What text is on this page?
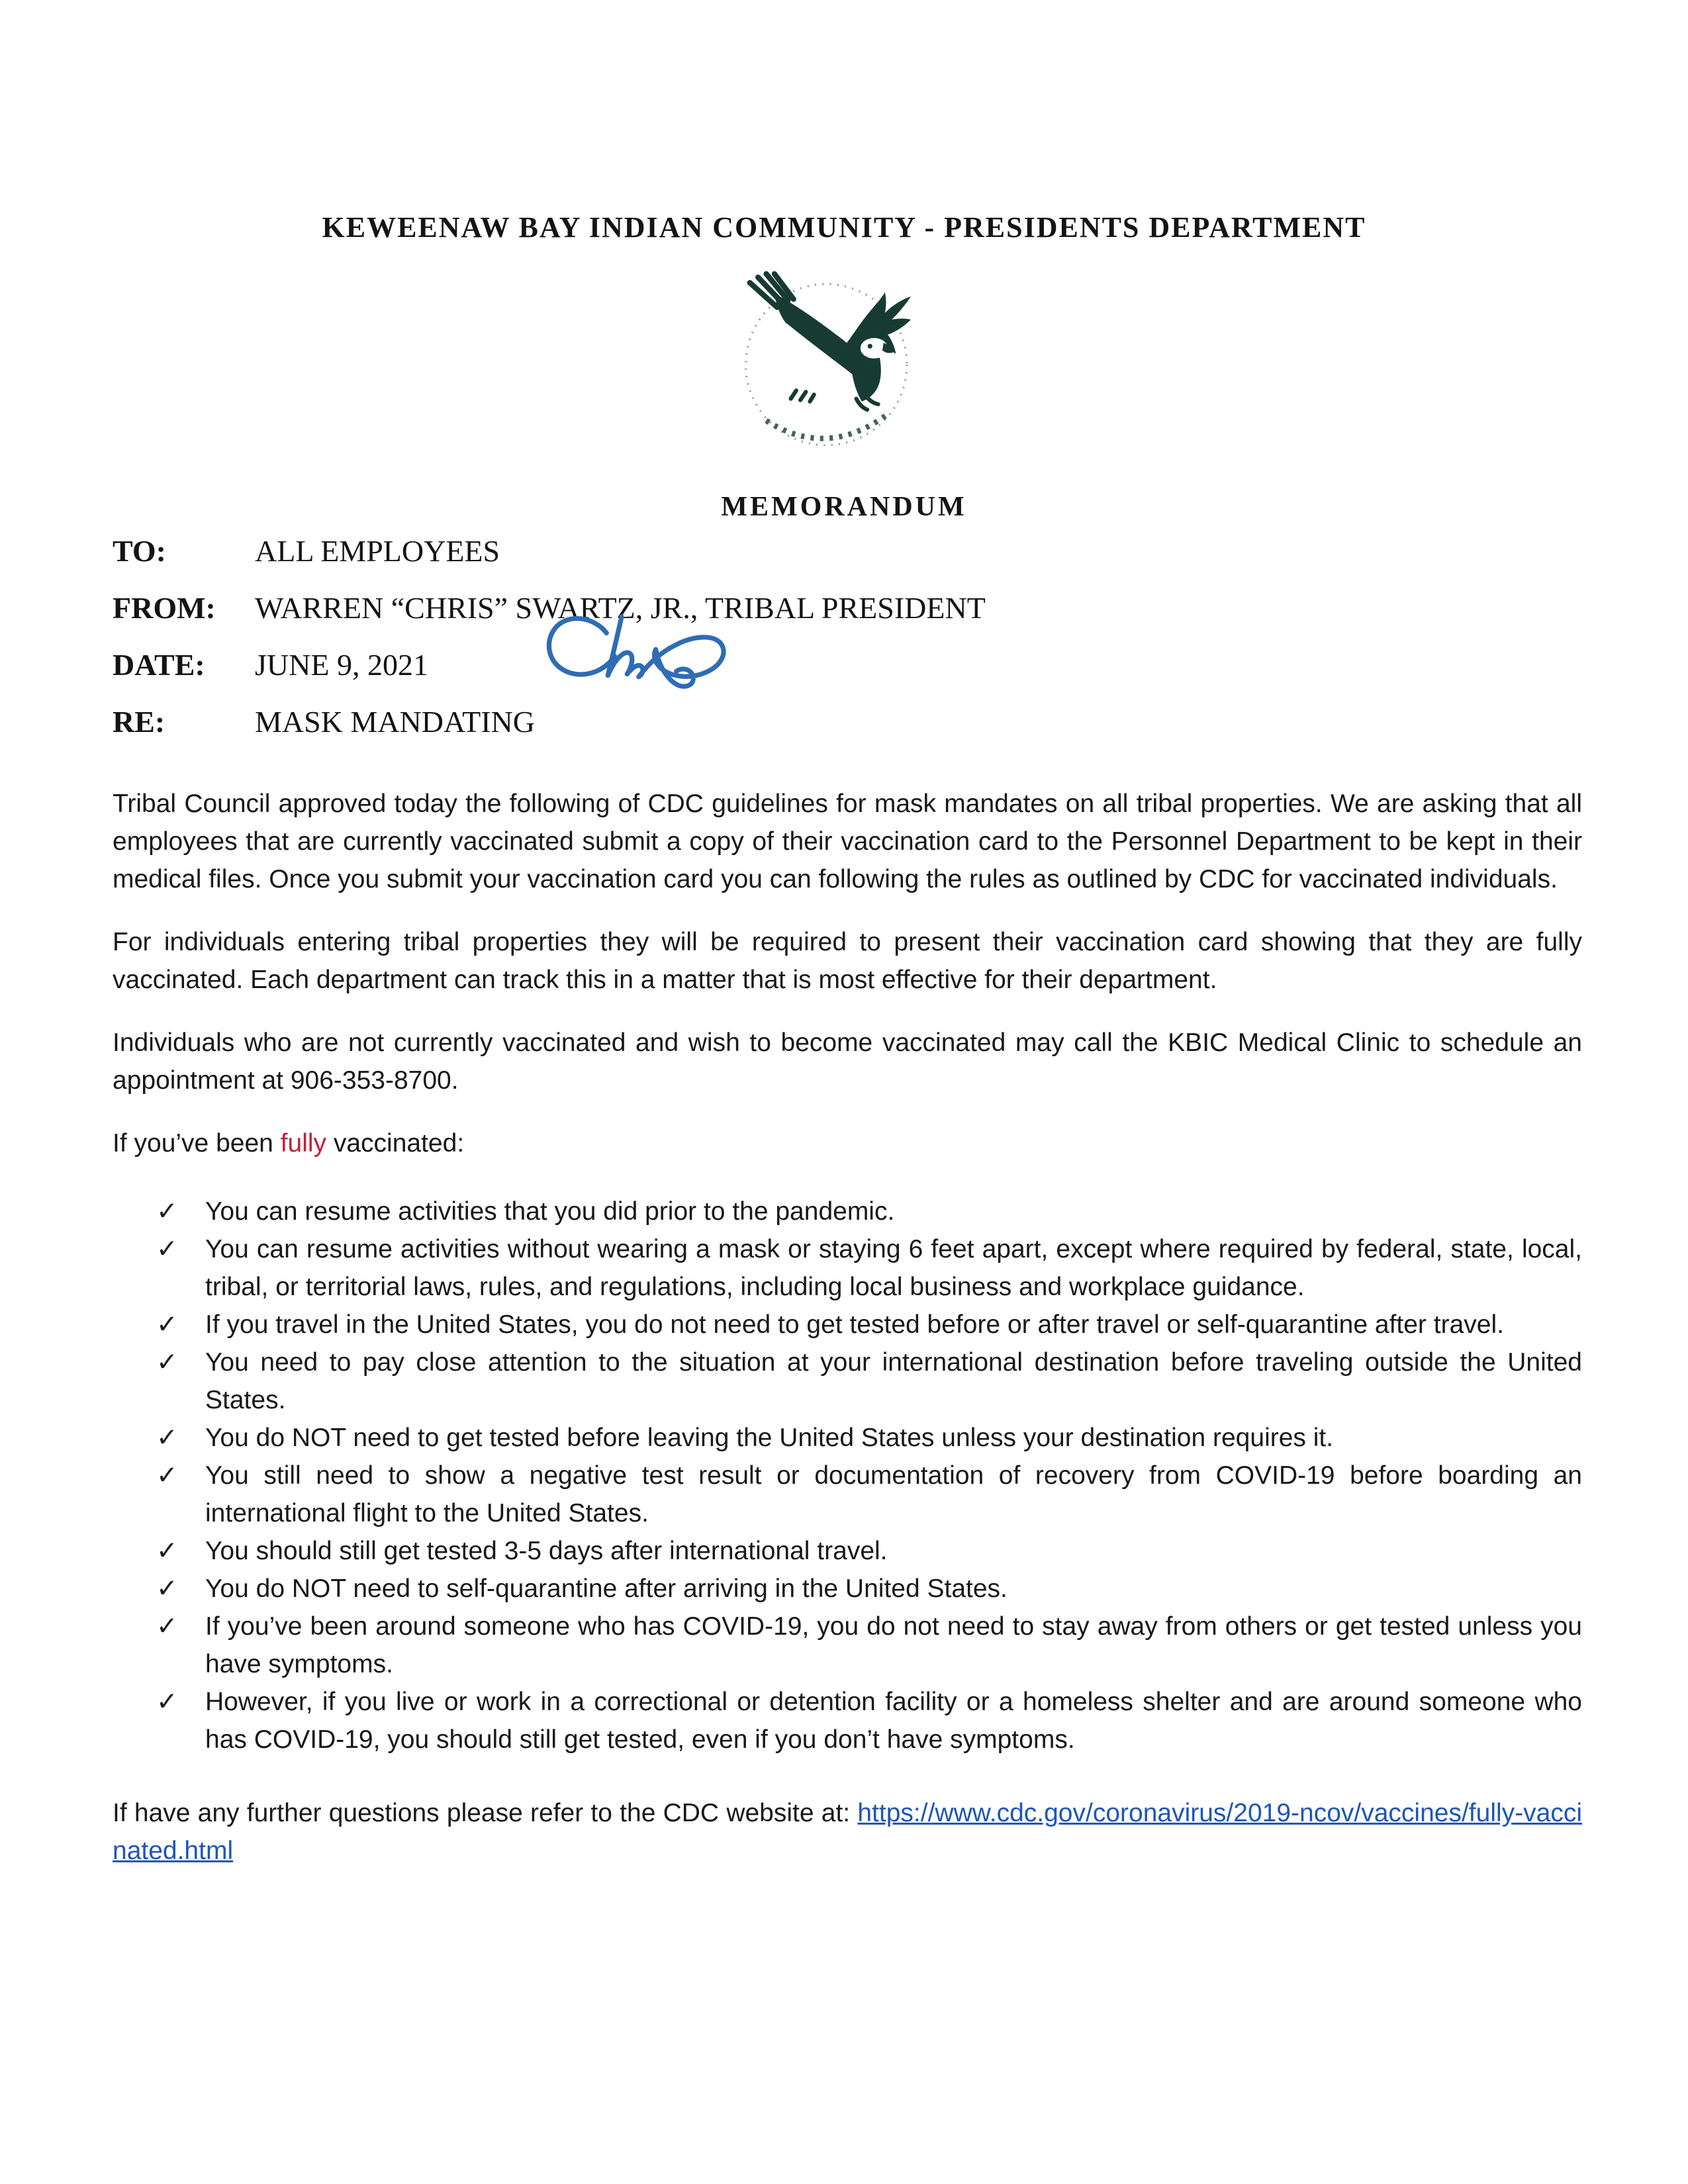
KEWEENAW BAY INDIAN COMMUNITY - PRESIDENTS DEPARTMENT
MEMORANDUM
TO:	ALL EMPLOYEES
FROM: WARREN “CHRIS” SWARTZ, JR., TRIBAL PRESIDENT
DATE: JUNE 9, 2021
RE:	MASK MANDATING

Tribal Council approved today the following of CDC guidelines for mask mandates on all tribal properties. We are asking that all employees that are currently vaccinated submit a copy of their vaccination card to the Personnel Department to be kept in their medical files. Once you submit your vaccination card you can following the rules as outlined by CDC for vaccinated individuals.

For individuals entering tribal properties they will be required to present their vaccination card showing that they are fully vaccinated. Each department can track this in a matter that is most effective for their department.

Individuals who are not currently vaccinated and wish to become vaccinated may call the KBIC Medical Clinic to schedule an appointment at 906-353-8700.

If you’ve been fully vaccinated:

✓ You can resume activities that you did prior to the pandemic.
✓ You can resume activities without wearing a mask or staying 6 feet apart, except where required by federal, state, local, tribal, or territorial laws, rules, and regulations, including local business and workplace guidance.
✓ If you travel in the United States, you do not need to get tested before or after travel or self-quarantine after travel.
✓ You need to pay close attention to the situation at your international destination before traveling outside the United States.
✓ You do NOT need to get tested before leaving the United States unless your destination requires it.
✓ You still need to show a negative test result or documentation of recovery from COVID-19 before boarding an international flight to the United States.
✓ You should still get tested 3-5 days after international travel.
✓ You do NOT need to self-quarantine after arriving in the United States.
✓ If you’ve been around someone who has COVID-19, you do not need to stay away from others or get tested unless you have symptoms.
✓ However, if you live or work in a correctional or detention facility or a homeless shelter and are around someone who has COVID-19, you should still get tested, even if you don’t have symptoms.

If have any further questions please refer to the CDC website at: https://www.cdc.gov/coronavirus/2019-ncov/vaccines/fully-vaccinated.html
